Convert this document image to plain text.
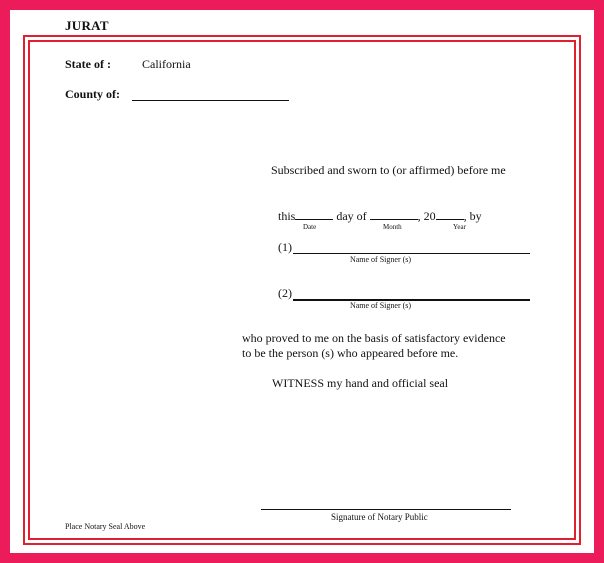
JURAT
State of :	California
County of:
Subscribed and sworn to (or affirmed) before me
this	day of	, 20 , by
Date	Month	Year
(1)
Name of Signer (s)
(2)
Name of Signer (s)
who proved to me on the basis of satisfactory evidence
to be the person (s) who appeared before me.
WITNESS my hand and official seal
Signature of Notary Public
Place Notary Seal Above
